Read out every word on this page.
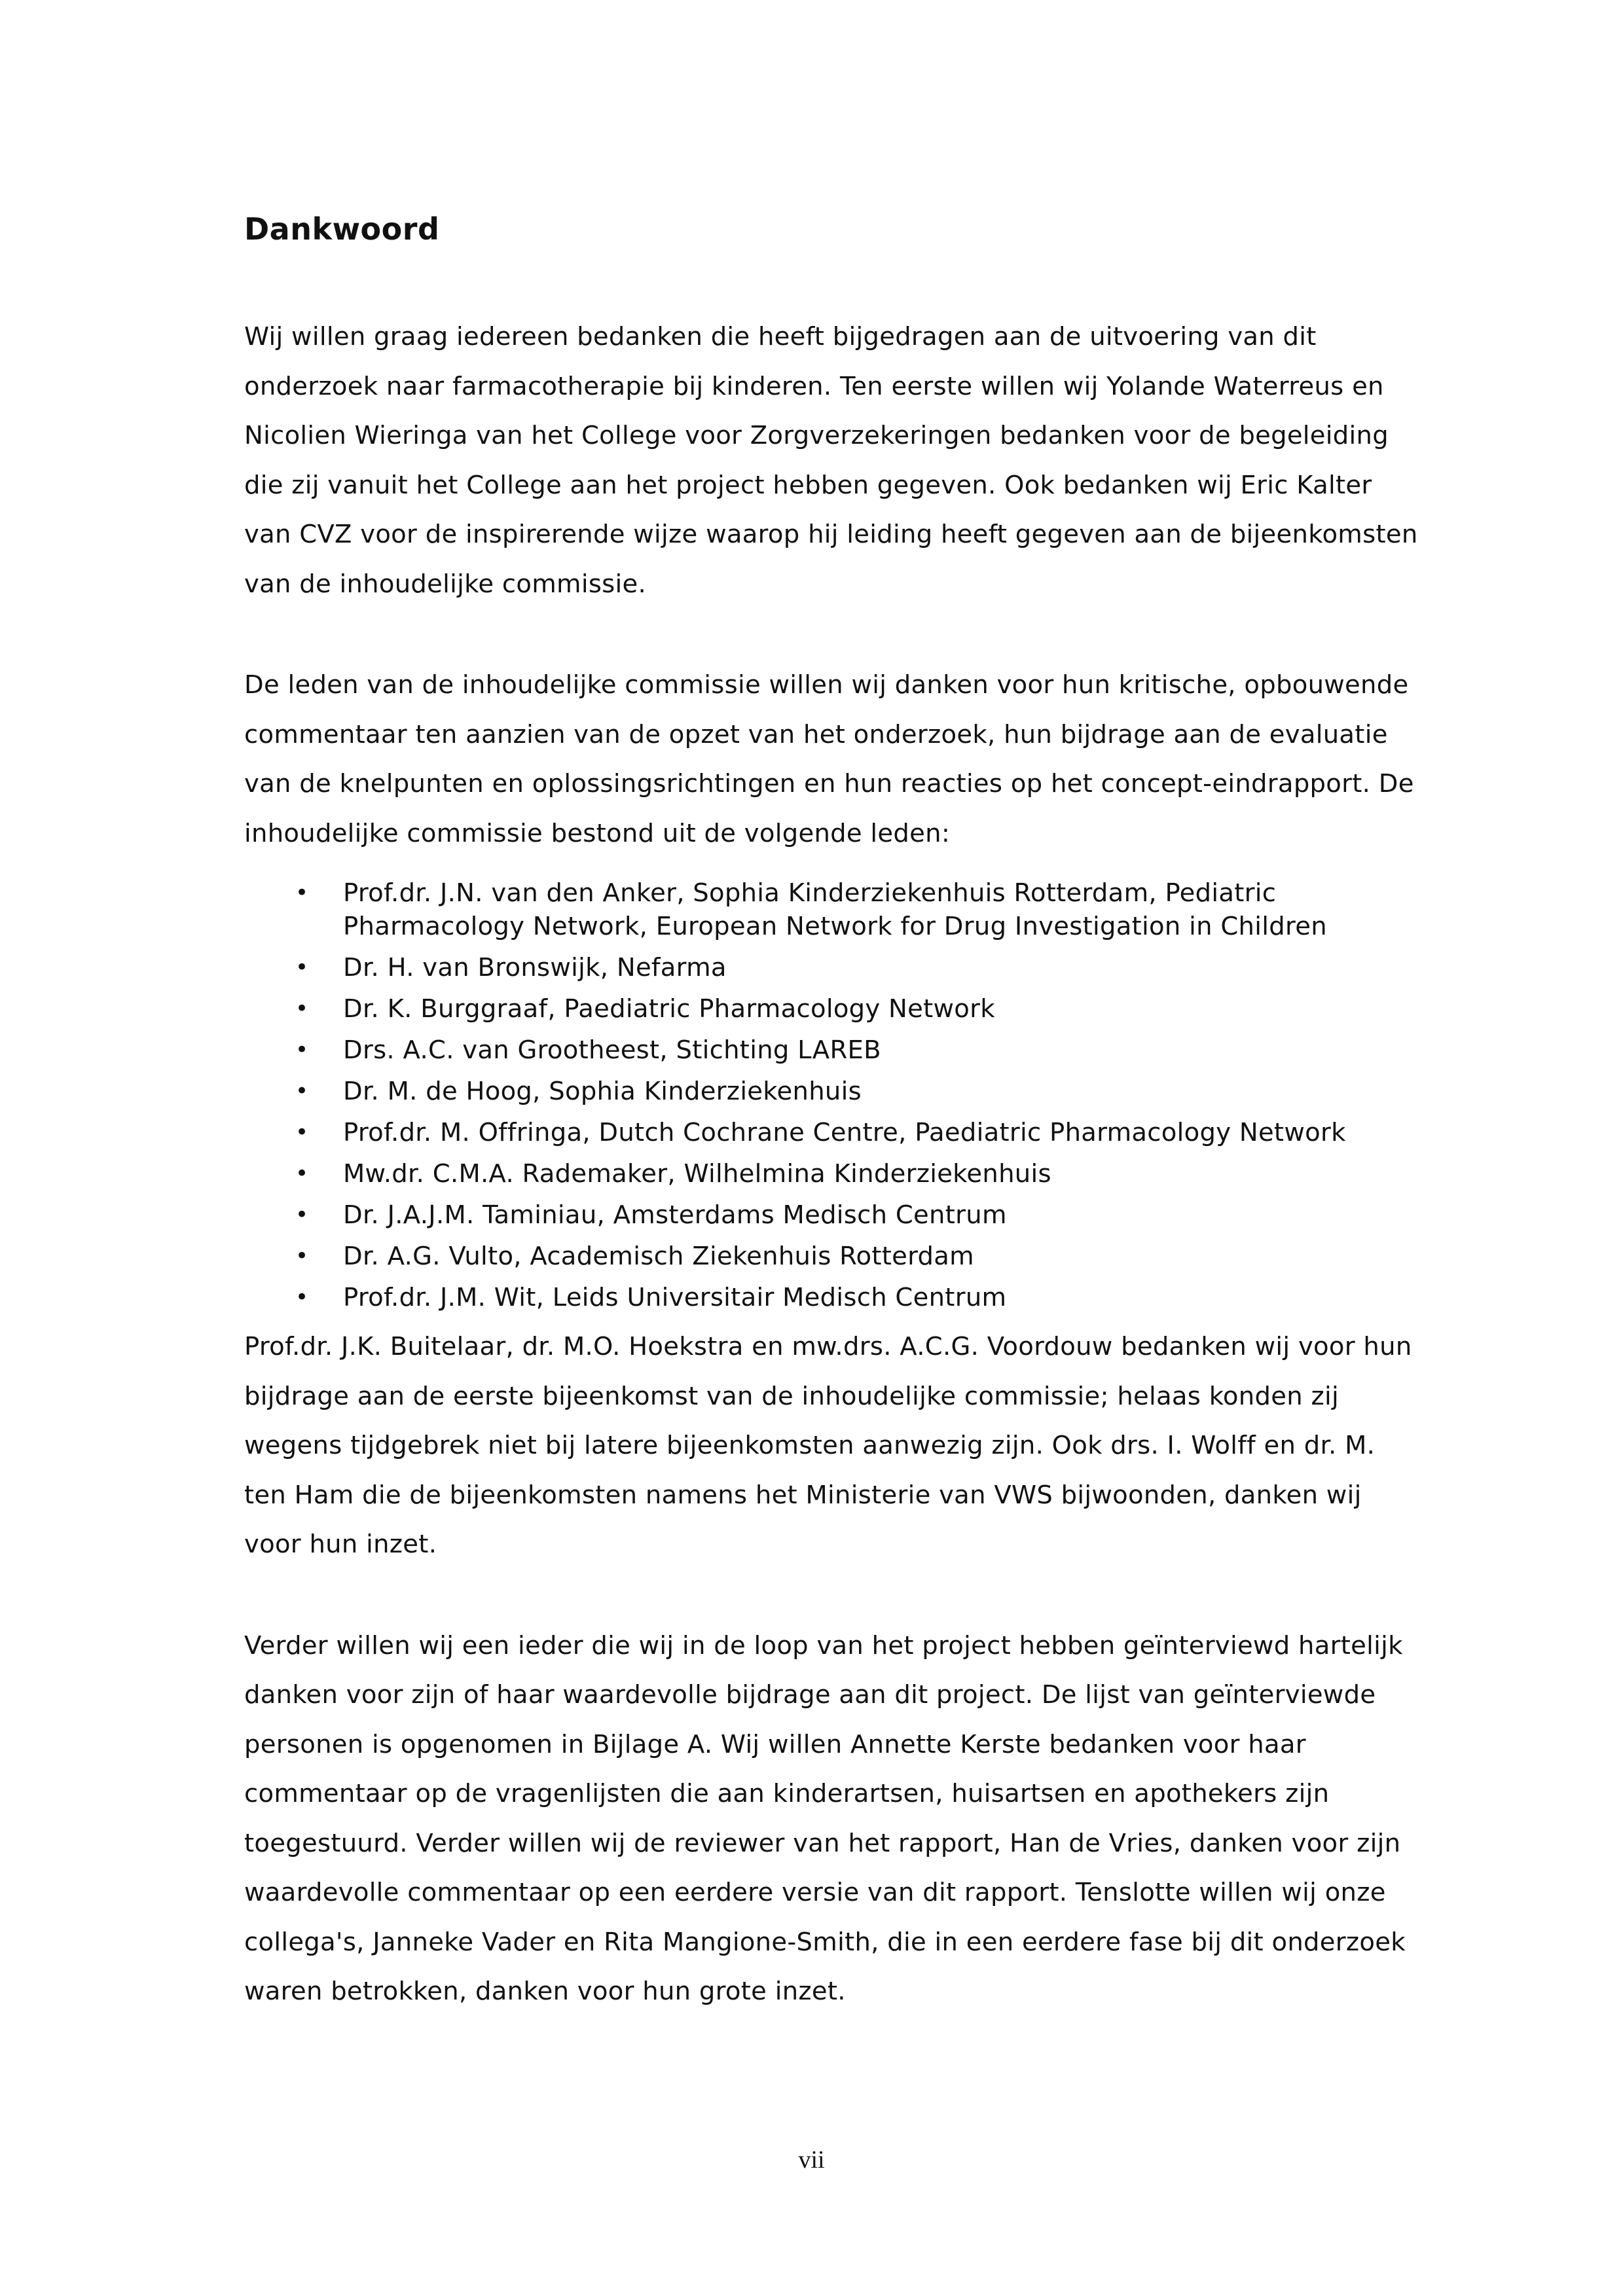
Dankwoord

Wij willen graag iedereen bedanken die heeft bijgedragen aan de uitvoering van dit onderzoek naar farmacotherapie bij kinderen. Ten eerste willen wij Yolande Waterreus en Nicolien Wieringa van het College voor Zorgverzekeringen bedanken voor de begeleiding die zij vanuit het College aan het project hebben gegeven. Ook bedanken wij Eric Kalter van CVZ voor de inspirerende wijze waarop hij leiding heeft gegeven aan de bijeenkomsten van de inhoudelijke commissie.

De leden van de inhoudelijke commissie willen wij danken voor hun kritische, opbouwende commentaar ten aanzien van de opzet van het onderzoek, hun bijdrage aan de evaluatie van de knelpunten en oplossingsrichtingen en hun reacties op het concept-eindrapport. De inhoudelijke commissie bestond uit de volgende leden:

• Prof.dr. J.N. van den Anker, Sophia Kinderziekenhuis Rotterdam, Pediatric Pharmacology Network, European Network for Drug Investigation in Children
• Dr. H. van Bronswijk, Nefarma
• Dr. K. Burggraaf, Paediatric Pharmacology Network
• Drs. A.C. van Grootheest, Stichting LAREB
• Dr. M. de Hoog, Sophia Kinderziekenhuis
• Prof.dr. M. Offringa, Dutch Cochrane Centre, Paediatric Pharmacology Network
• Mw.dr. C.M.A. Rademaker, Wilhelmina Kinderziekenhuis
• Dr. J.A.J.M. Taminiau, Amsterdams Medisch Centrum
• Dr. A.G. Vulto, Academisch Ziekenhuis Rotterdam
• Prof.dr. J.M. Wit, Leids Universitair Medisch Centrum

Prof.dr. J.K. Buitelaar, dr. M.O. Hoekstra en mw.drs. A.C.G. Voordouw bedanken wij voor hun bijdrage aan de eerste bijeenkomst van de inhoudelijke commissie; helaas konden zij wegens tijdgebrek niet bij latere bijeenkomsten aanwezig zijn. Ook drs. I. Wolff en dr. M. ten Ham die de bijeenkomsten namens het Ministerie van VWS bijwoonden, danken wij voor hun inzet.

Verder willen wij een ieder die wij in de loop van het project hebben geïnterviewd hartelijk danken voor zijn of haar waardevolle bijdrage aan dit project. De lijst van geïnterviewde personen is opgenomen in Bijlage A. Wij willen Annette Kerste bedanken voor haar commentaar op de vragenlijsten die aan kinderartsen, huisartsen en apothekers zijn toegestuurd. Verder willen wij de reviewer van het rapport, Han de Vries, danken voor zijn waardevolle commentaar op een eerdere versie van dit rapport. Tenslotte willen wij onze collega's, Janneke Vader en Rita Mangione-Smith, die in een eerdere fase bij dit onderzoek waren betrokken, danken voor hun grote inzet.

vii
